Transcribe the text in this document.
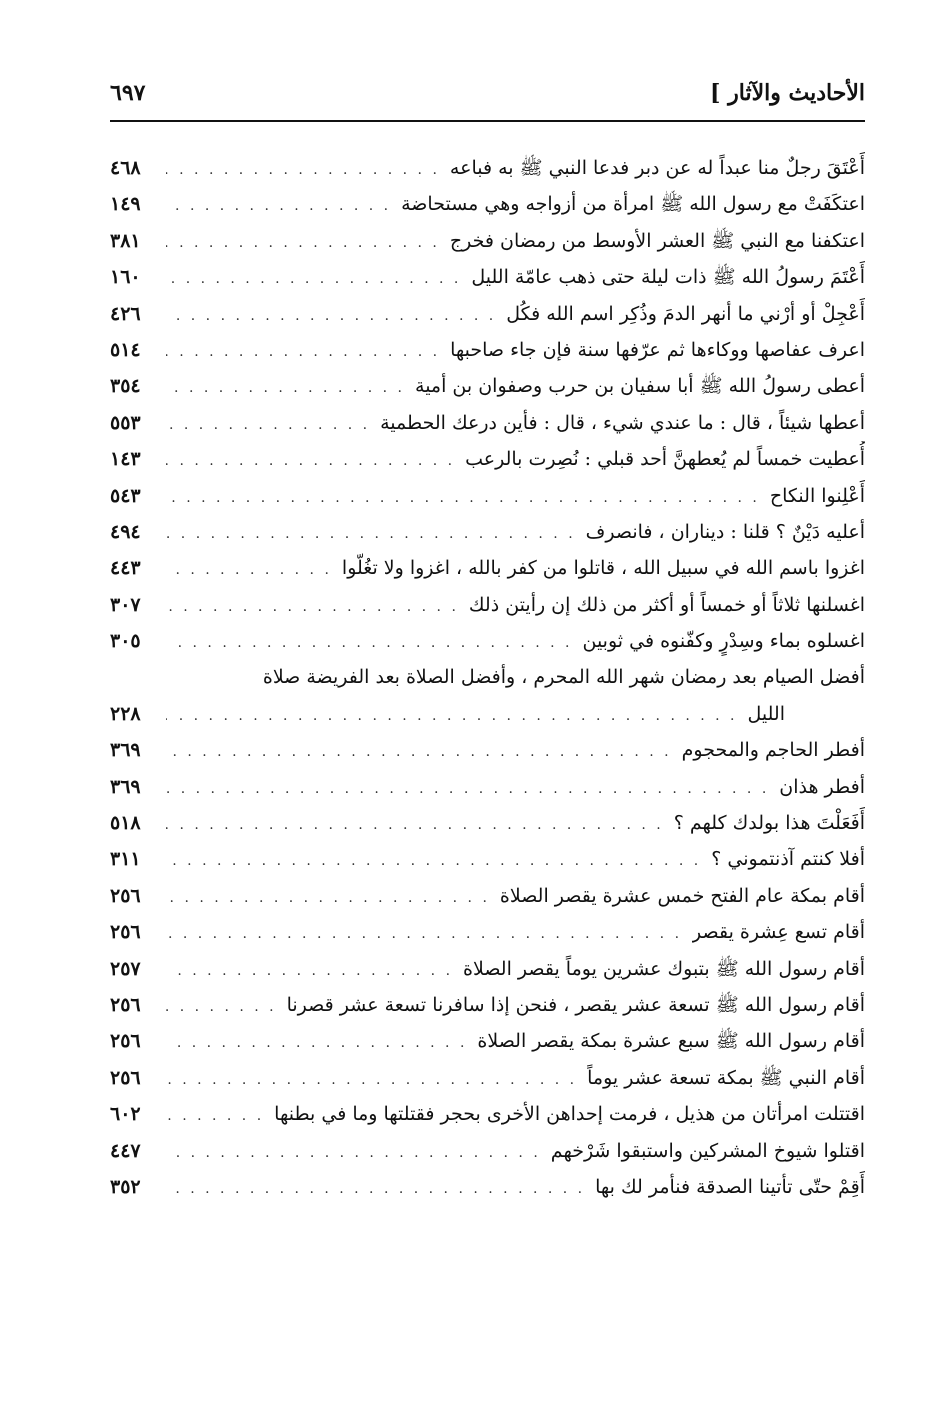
الأحاديث والآثار ]
٦٩٧
أَعْتَقَ رجلٌ منا عبداً له عن دبر فدعا النبي ﷺ به فباعه
. . .
٤٦٨
اعتكَفَتْ مع رسول الله ﷺ امرأة من أزواجه وهي مستحاضة
. . .
١٤٩
اعتكفنا مع النبي ﷺ العشر الأوسط من رمضان فخرج
. . .
٣٨١
أَعْتَمَ رسولُ الله ﷺ ذات ليلة حتى ذهب عامّة الليل
. . .
١٦٠
أَعْجِلْ أو أرْني ما أنهر الدمَ وذُكِر اسم الله فكُل
. . .
٤٢٦
اعرف عفاصها ووكاءها ثم عرّفها سنة فإن جاء صاحبها
. . .
٥١٤
أعطى رسولُ الله ﷺ أبا سفيان بن حرب وصفوان بن أمية
. . .
٣٥٤
أعطها شيئاً ، قال : ما عندي شيء ، قال : فأين درعك الحطمية
. . .
٥٥٣
أُعطيت خمساً لم يُعطهنَّ أحد قبلي : نُصِرت بالرعب
. . .
١٤٣
أَعْلِنوا النكاح
. . .
٥٤٣
أعليه دَيْنٌ ؟ قلنا : ديناران ، فانصرف
. . .
٤٩٤
اغزوا باسم الله في سبيل الله ، قاتلوا من كفر بالله ، اغزوا ولا تغُلّوا
. . .
٤٤٣
اغسلنها ثلاثاً أو خمساً أو أكثر من ذلك إن رأيتن ذلك
. . .
٣٠٧
اغسلوه بماء وسِدْرٍ وكفّنوه في ثوبين
. . .
٣٠٥
أفضل الصيام بعد رمضان شهر الله المحرم ، وأفضل الصلاة بعد الفريضة صلاة
الليل
. . .
٢٢٨
أفطر الحاجم والمحجوم
. . .
٣٦٩
أفطر هذان
. . .
٣٦٩
أَفَعَلْتَ هذا بولدك كلهم ؟
. . .
٥١٨
أفلا كنتم آذنتموني ؟
. . .
٣١١
أقام بمكة عام الفتح خمس عشرة يقصر الصلاة
. . .
٢٥٦
أقام تسع عِشرة يقصر
. . .
٢٥٦
أقام رسول الله ﷺ بتبوك عشرين يوماً يقصر الصلاة
. . .
٢٥٧
أقام رسول الله ﷺ تسعة عشر يقصر ، فنحن إذا سافرنا تسعة عشر قصرنا
. . .
٢٥٦
أقام رسول الله ﷺ سبع عشرة بمكة يقصر الصلاة
. . .
٢٥٦
أقام النبي ﷺ بمكة تسعة عشر يوماً
. . .
٢٥٦
اقتتلت امرأتان من هذيل ، فرمت إحداهن الأخرى بحجر فقتلتها وما في بطنها
. . .
٦٠٢
اقتلوا شيوخ المشركين واستبقوا شَرْخهم
. . .
٤٤٧
أَقِمْ حتّى تأتينا الصدقة فنأمر لك بها
. . .
٣٥٢
